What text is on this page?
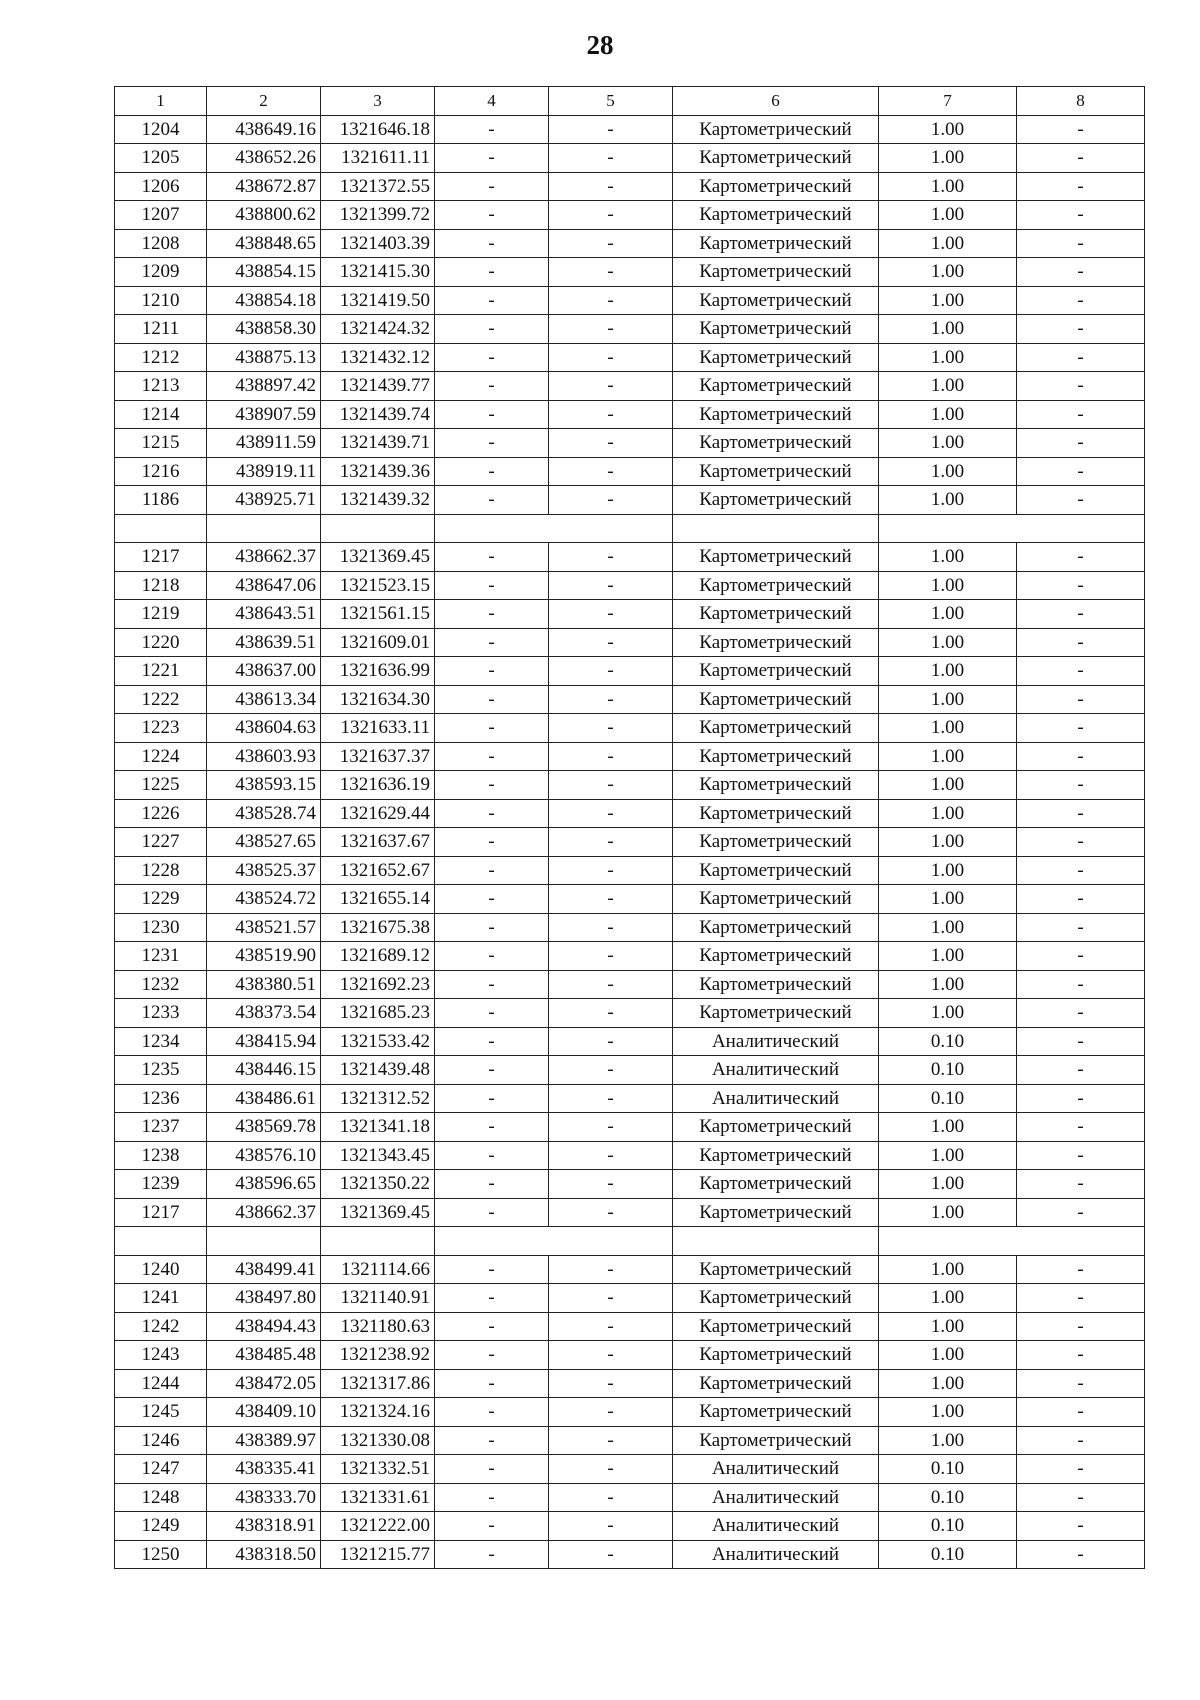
28
1	2	3	4	5	6	7	8
1204	438649.16	1321646.18	-	-	Картометрический	1.00	-
1205	438652.26	1321611.11	-	-	Картометрический	1.00	-
1206	438672.87	1321372.55	-	-	Картометрический	1.00	-
1207	438800.62	1321399.72	-	-	Картометрический	1.00	-
1208	438848.65	1321403.39	-	-	Картометрический	1.00	-
1209	438854.15	1321415.30	-	-	Картометрический	1.00	-
1210	438854.18	1321419.50	-	-	Картометрический	1.00	-
1211	438858.30	1321424.32	-	-	Картометрический	1.00	-
1212	438875.13	1321432.12	-	-	Картометрический	1.00	-
1213	438897.42	1321439.77	-	-	Картометрический	1.00	-
1214	438907.59	1321439.74	-	-	Картометрический	1.00	-
1215	438911.59	1321439.71	-	-	Картометрический	1.00	-
1216	438919.11	1321439.36	-	-	Картометрический	1.00	-
1186	438925.71	1321439.32	-	-	Картометрический	1.00	-

1217	438662.37	1321369.45	-	-	Картометрический	1.00	-
1218	438647.06	1321523.15	-	-	Картометрический	1.00	-
1219	438643.51	1321561.15	-	-	Картометрический	1.00	-
1220	438639.51	1321609.01	-	-	Картометрический	1.00	-
1221	438637.00	1321636.99	-	-	Картометрический	1.00	-
1222	438613.34	1321634.30	-	-	Картометрический	1.00	-
1223	438604.63	1321633.11	-	-	Картометрический	1.00	-
1224	438603.93	1321637.37	-	-	Картометрический	1.00	-
1225	438593.15	1321636.19	-	-	Картометрический	1.00	-
1226	438528.74	1321629.44	-	-	Картометрический	1.00	-
1227	438527.65	1321637.67	-	-	Картометрический	1.00	-
1228	438525.37	1321652.67	-	-	Картометрический	1.00	-
1229	438524.72	1321655.14	-	-	Картометрический	1.00	-
1230	438521.57	1321675.38	-	-	Картометрический	1.00	-
1231	438519.90	1321689.12	-	-	Картометрический	1.00	-
1232	438380.51	1321692.23	-	-	Картометрический	1.00	-
1233	438373.54	1321685.23	-	-	Картометрический	1.00	-
1234	438415.94	1321533.42	-	-	Аналитический	0.10	-
1235	438446.15	1321439.48	-	-	Аналитический	0.10	-
1236	438486.61	1321312.52	-	-	Аналитический	0.10	-
1237	438569.78	1321341.18	-	-	Картометрический	1.00	-
1238	438576.10	1321343.45	-	-	Картометрический	1.00	-
1239	438596.65	1321350.22	-	-	Картометрический	1.00	-
1217	438662.37	1321369.45	-	-	Картометрический	1.00	-

1240	438499.41	1321114.66	-	-	Картометрический	1.00	-
1241	438497.80	1321140.91	-	-	Картометрический	1.00	-
1242	438494.43	1321180.63	-	-	Картометрический	1.00	-
1243	438485.48	1321238.92	-	-	Картометрический	1.00	-
1244	438472.05	1321317.86	-	-	Картометрический	1.00	-
1245	438409.10	1321324.16	-	-	Картометрический	1.00	-
1246	438389.97	1321330.08	-	-	Картометрический	1.00	-
1247	438335.41	1321332.51	-	-	Аналитический	0.10	-
1248	438333.70	1321331.61	-	-	Аналитический	0.10	-
1249	438318.91	1321222.00	-	-	Аналитический	0.10	-
1250	438318.50	1321215.77	-	-	Аналитический	0.10	-
